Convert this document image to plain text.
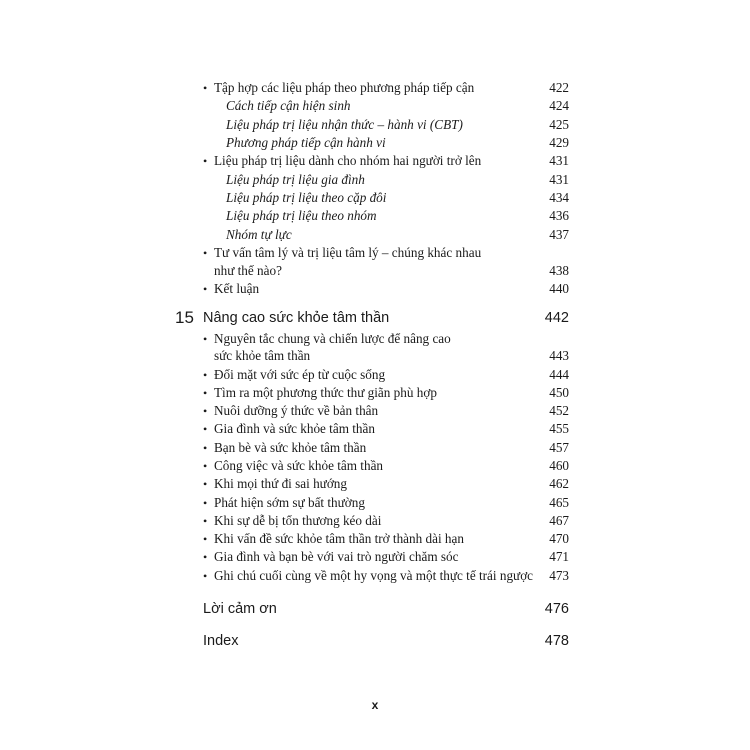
• Tập hợp các liệu pháp theo phương pháp tiếp cận	422
Cách tiếp cận hiện sinh	424
Liệu pháp trị liệu nhận thức – hành vi (CBT)	425
Phương pháp tiếp cận hành vi	429
• Liệu pháp trị liệu dành cho nhóm hai người trở lên	431
Liệu pháp trị liệu gia đình	431
Liệu pháp trị liệu theo cặp đôi	434
Liệu pháp trị liệu theo nhóm	436
Nhóm tự lực	437
• Tư vấn tâm lý và trị liệu tâm lý – chúng khác nhau
như thế nào?	438
• Kết luận	440
15 Nâng cao sức khỏe tâm thần	442
• Nguyên tắc chung và chiến lược để nâng cao
sức khỏe tâm thần	443
• Đối mặt với sức ép từ cuộc sống	444
• Tìm ra một phương thức thư giãn phù hợp	450
• Nuôi dưỡng ý thức về bản thân	452
• Gia đình và sức khỏe tâm thần	455
• Bạn bè và sức khỏe tâm thần	457
• Công việc và sức khỏe tâm thần	460
• Khi mọi thứ đi sai hướng	462
• Phát hiện sớm sự bất thường	465
• Khi sự dễ bị tổn thương kéo dài	467
• Khi vấn đề sức khỏe tâm thần trở thành dài hạn	470
• Gia đình và bạn bè với vai trò người chăm sóc	471
• Ghi chú cuối cùng về một hy vọng và một thực tế trái ngược 473
Lời cảm ơn	476
Index	478
x
